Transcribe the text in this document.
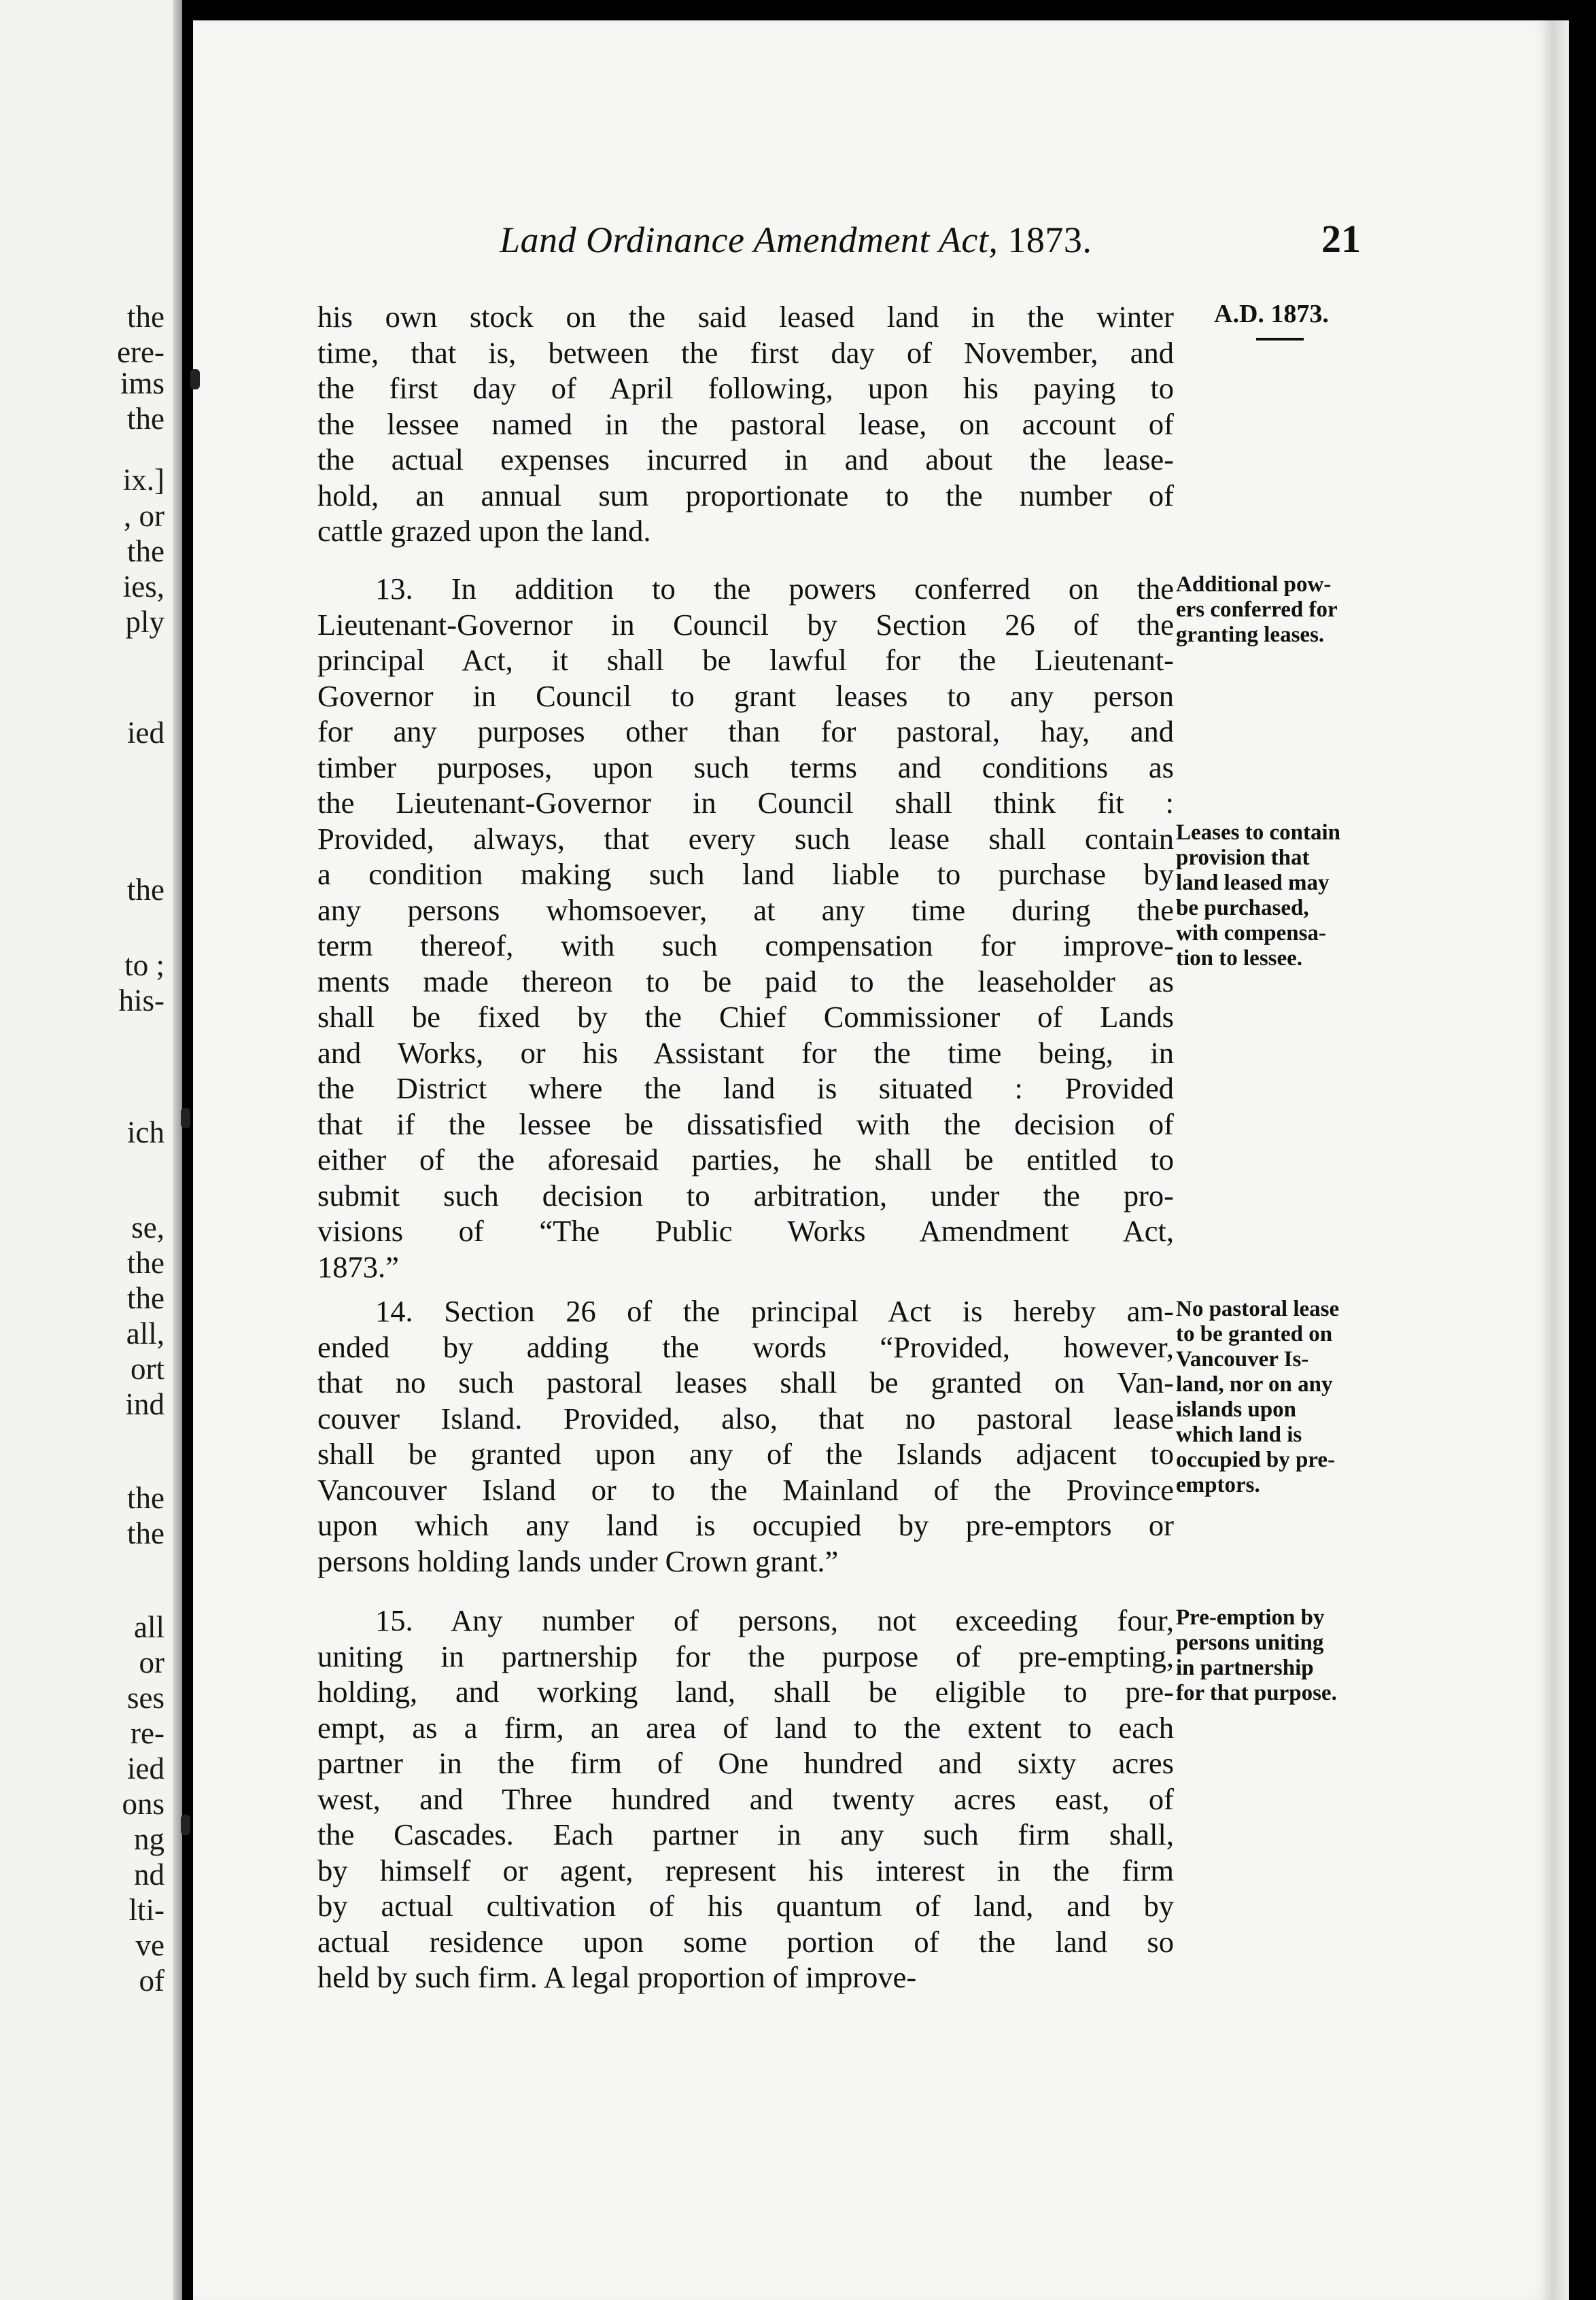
the
ere-
ims
the
ix.]
, or
the
ies,
ply
ied
the
to ;
his-
ich
se,
the
the
all,
ort
ind
the
the
all
or
ses
re-
ied
ons
ng
nd
lti-
ve
of
Land Ordinance Amendment Act, 1873.	21
A.D. 1873.
his own stock on the said leased land in the winter
time, that is, between the first day of November, and
the first day of April following, upon his paying to
the lessee named in the pastoral lease, on account of
the actual expenses incurred in and about the lease-
hold, an annual sum proportionate to the number of
cattle grazed upon the land.
13. In addition to the powers conferred on the
Lieutenant-Governor in Council by Section 26 of the
principal Act, it shall be lawful for the Lieutenant-
Governor in Council to grant leases to any person
for any purposes other than for pastoral, hay, and
timber purposes, upon such terms and conditions as
the Lieutenant-Governor in Council shall think fit :
Provided, always, that every such lease shall contain
a condition making such land liable to purchase by
any persons whomsoever, at any time during the
term thereof, with such compensation for improve-
ments made thereon to be paid to the leaseholder as
shall be fixed by the Chief Commissioner of Lands
and Works, or his Assistant for the time being, in
the District where the land is situated : Provided
that if the lessee be dissatisfied with the decision of
either of the aforesaid parties, he shall be entitled to
submit such decision to arbitration, under the pro-
visions of “The Public Works Amendment Act,
1873.”
14. Section 26 of the principal Act is hereby am-
ended by adding the words “Provided, however,
that no such pastoral leases shall be granted on Van-
couver Island. Provided, also, that no pastoral lease
shall be granted upon any of the Islands adjacent to
Vancouver Island or to the Mainland of the Province
upon which any land is occupied by pre-emptors or
persons holding lands under Crown grant.”
15. Any number of persons, not exceeding four,
uniting in partnership for the purpose of pre-empting,
holding, and working land, shall be eligible to pre-
empt, as a firm, an area of land to the extent to each
partner in the firm of One hundred and sixty acres
west, and Three hundred and twenty acres east, of
the Cascades. Each partner in any such firm shall,
by himself or agent, represent his interest in the firm
by actual cultivation of his quantum of land, and by
actual residence upon some portion of the land so
held by such firm. A legal proportion of improve-
Additional pow-
ers conferred for
granting leases.
Leases to contain
provision that
land leased may
be purchased,
with compensa-
tion to lessee.
No pastoral lease
to be granted on
Vancouver Is-
land, nor on any
islands upon
which land is
occupied by pre-
emptors.
Pre-emption by
persons uniting
in partnership
for that purpose.
